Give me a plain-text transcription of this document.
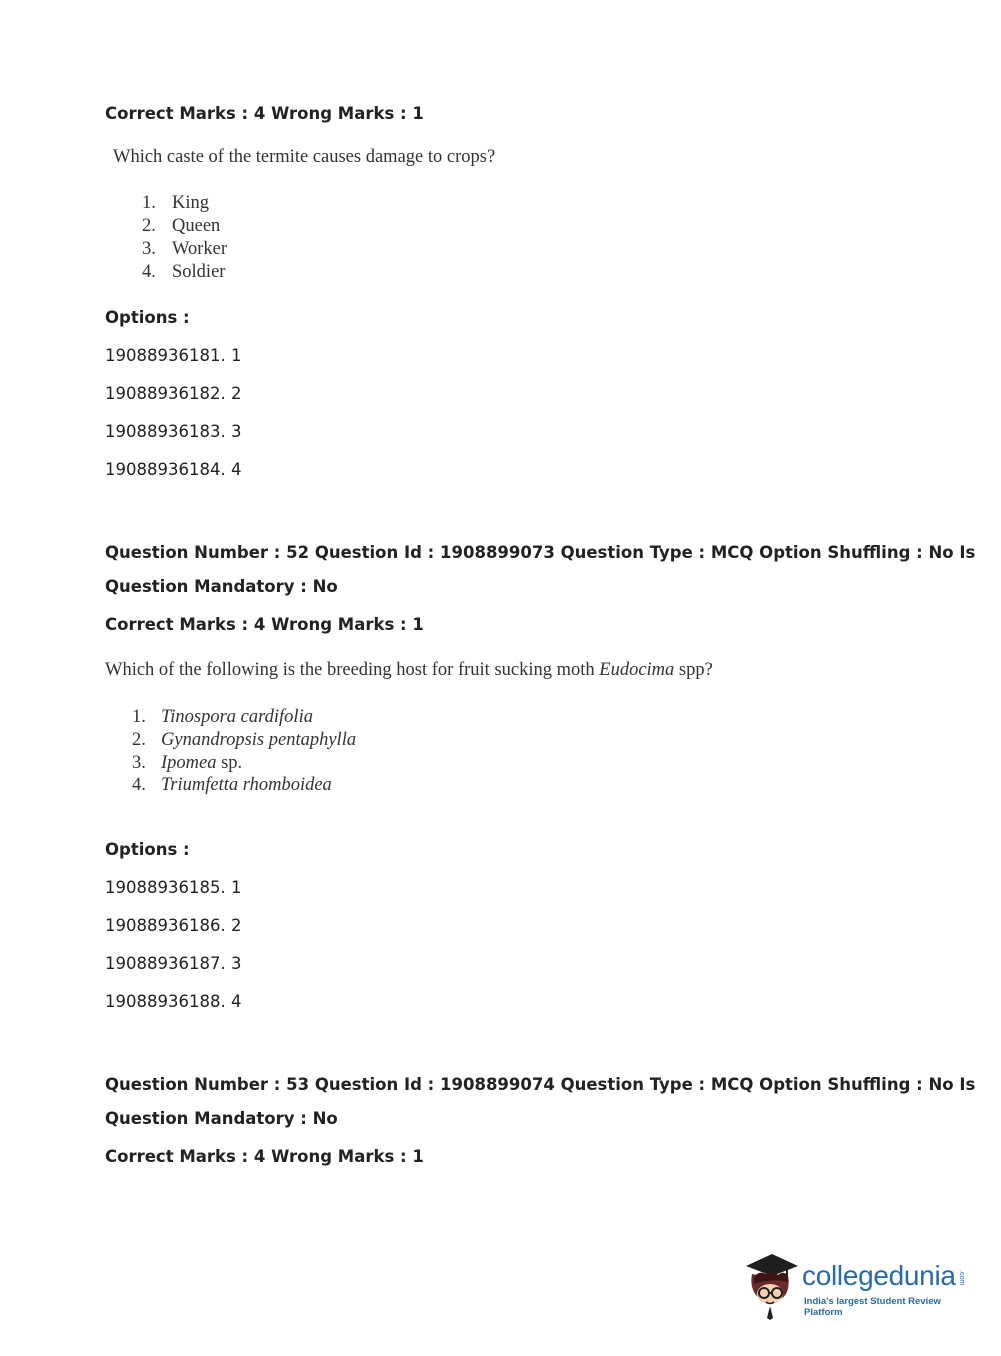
Correct Marks : 4 Wrong Marks : 1
Which caste of the termite causes damage to crops?
1. King
2. Queen
3. Worker
4. Soldier
Options :
19088936181. 1
19088936182. 2
19088936183. 3
19088936184. 4
Question Number : 52 Question Id : 1908899073 Question Type : MCQ Option Shuffling : No Is
Question Mandatory : No
Correct Marks : 4 Wrong Marks : 1
Which of the following is the breeding host for fruit sucking moth Eudocima spp?
1. Tinospora cardifolia
2. Gynandropsis pentaphylla
3. Ipomea sp.
4. Triumfetta rhomboidea
Options :
19088936185. 1
19088936186. 2
19088936187. 3
19088936188. 4
Question Number : 53 Question Id : 1908899074 Question Type : MCQ Option Shuffling : No Is
Question Mandatory : No
Correct Marks : 4 Wrong Marks : 1
collegedunia .com
India's largest Student Review Platform
